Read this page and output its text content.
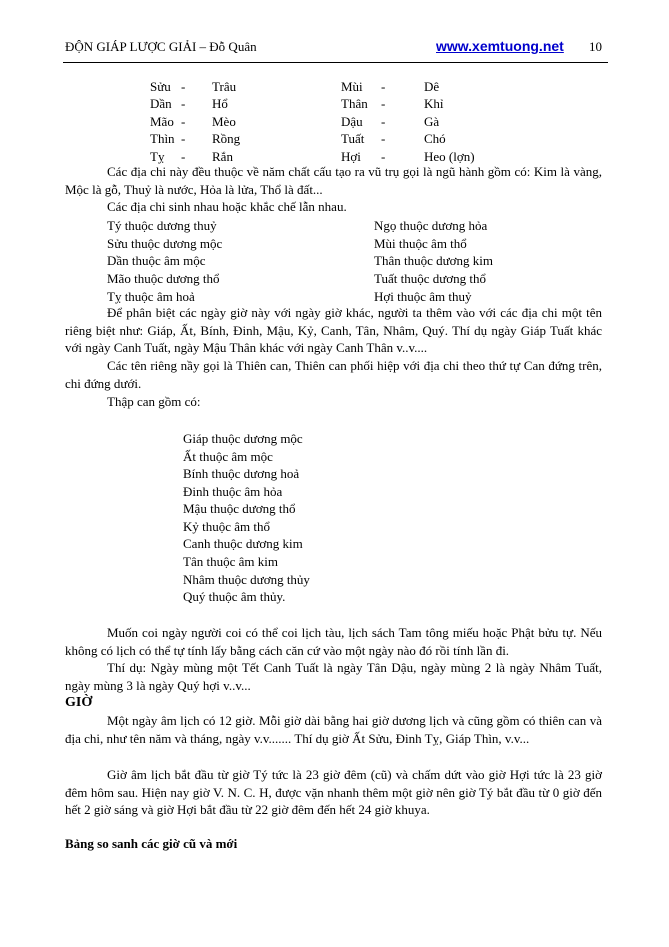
ĐỘN GIÁP LƯỢC GIẢI – Đỗ Quân	www.xemtuong.net 10
Sửu - Trâu	Mùi -	Dê
Dần - Hổ	Thân -	Khỉ
Mão - Mèo	Dậu -	Gà
Thìn - Rồng	Tuất -	Chó
Tỵ - Rắn	Hợi -	Heo (lợn)
Các địa chi này đều thuộc về năm chất cấu tạo ra vũ trụ gọi là ngũ hành gồm có: Kim là vàng, Mộc là gỗ, Thuỷ là nước, Hỏa là lửa, Thổ là đất...
Các địa chi sinh nhau hoặc khắc chế lẫn nhau.
Tý thuộc dương thuỷ	Ngọ thuộc dương hỏa
Sửu thuộc dương mộc	Mùi thuộc âm thổ
Dần thuộc âm mộc	Thân thuộc dương kim
Mão thuộc dương thổ	Tuất thuộc dương thổ
Tỵ thuộc âm hoả	Hợi thuộc âm thuỷ
Để phân biệt các ngày giờ này với ngày giờ khác, người ta thêm vào với các địa chi một tên riêng biệt như: Giáp, Ất, Bính, Đinh, Mậu, Kỷ, Canh, Tân, Nhâm, Quý. Thí dụ ngày Giáp Tuất khác với ngày Canh Tuất, ngày Mậu Thân khác với ngày Canh Thân v..v....
Các tên riêng nầy gọi là Thiên can, Thiên can phối hiệp với địa chi theo thứ tự Can đứng trên, chi đứng dưới.
Thập can gồm có:
Giáp thuộc dương mộc
Ất thuộc âm mộc
Bính thuộc dương hoả
Đinh thuộc âm hỏa
Mậu thuộc dương thổ
Kỷ thuộc âm thổ
Canh thuộc dương kim
Tân thuộc âm kim
Nhâm thuộc dương thủy
Quý thuộc âm thủy.
Muốn coi ngày người coi có thể coi lịch tàu, lịch sách Tam tông miếu hoặc Phật bửu tự. Nếu không có lịch có thể tự tính lấy bằng cách căn cứ vào một ngày nào đó rồi tính lần đi.
Thí dụ: Ngày mùng một Tết Canh Tuất là ngày Tân Dậu, ngày mùng 2 là ngày Nhâm Tuất, ngày mùng 3 là ngày Quý hợi v..v...
GIỜ
Một ngày âm lịch có 12 giờ. Mỗi giờ dài bằng hai giờ dương lịch và cũng gồm có thiên can và địa chi, như tên năm và tháng, ngày v.v....... Thí dụ giờ Ất Sửu, Đinh Tỵ, Giáp Thìn, v.v...
Giờ âm lịch bắt đầu từ giờ Tý tức là 23 giờ đêm (cũ) và chấm dứt vào giờ Hợi tức là 23 giờ đêm hôm sau. Hiện nay giờ V. N. C. H, được vặn nhanh thêm một giờ nên giờ Tý bắt đầu từ 0 giờ đến hết 2 giờ sáng và giờ Hợi bắt đầu từ 22 giờ đêm đến hết 24 giờ khuya.
Bảng so sanh các giờ cũ và mới
